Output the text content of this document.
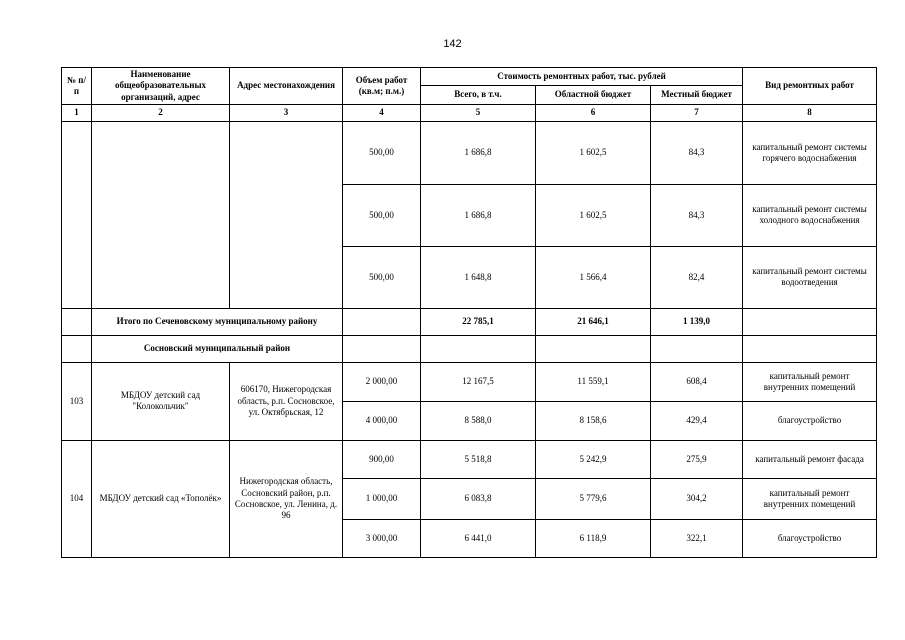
142
№ п/п	Наименование общеобразовательных организаций, адрес	Адрес местонахождения	Объем работ (кв.м; п.м.)	Стоимость ремонтных работ, тыс. рублей			Вид ремонтных работ
				Всего, в т.ч.	Областной бюджет	Местный бюджет	
1	2	3	4	5	6	7	8
			500,00	1 686,8	1 602,5	84,3	капитальный ремонт системы горячего водоснабжения
			500,00	1 686,8	1 602,5	84,3	капитальный ремонт системы холодного водоснабжения
			500,00	1 648,8	1 566,4	82,4	капитальный ремонт системы водоотведения
	Итого по Сеченовскому муниципальному району			22 785,1	21 646,1	1 139,0	
	Сосновский муниципальный район						
103	МБДОУ детский сад "Колокольчик"	606170, Нижегородская область, р.п. Сосновское, ул. Октябрьская, 12	2 000,00	12 167,5	11 559,1	608,4	капитальный ремонт внутренних помещений
			4 000,00	8 588,0	8 158,6	429,4	благоустройство
104	МБДОУ детский сад «Тополёк»	Нижегородская область, Сосновский район, р.п. Сосновское, ул. Ленина, д. 96	900,00	5 518,8	5 242,9	275,9	капитальный ремонт фасада
			1 000,00	6 083,8	5 779,6	304,2	капитальный ремонт внутренних помещений
			3 000,00	6 441,0	6 118,9	322,1	благоустройство
